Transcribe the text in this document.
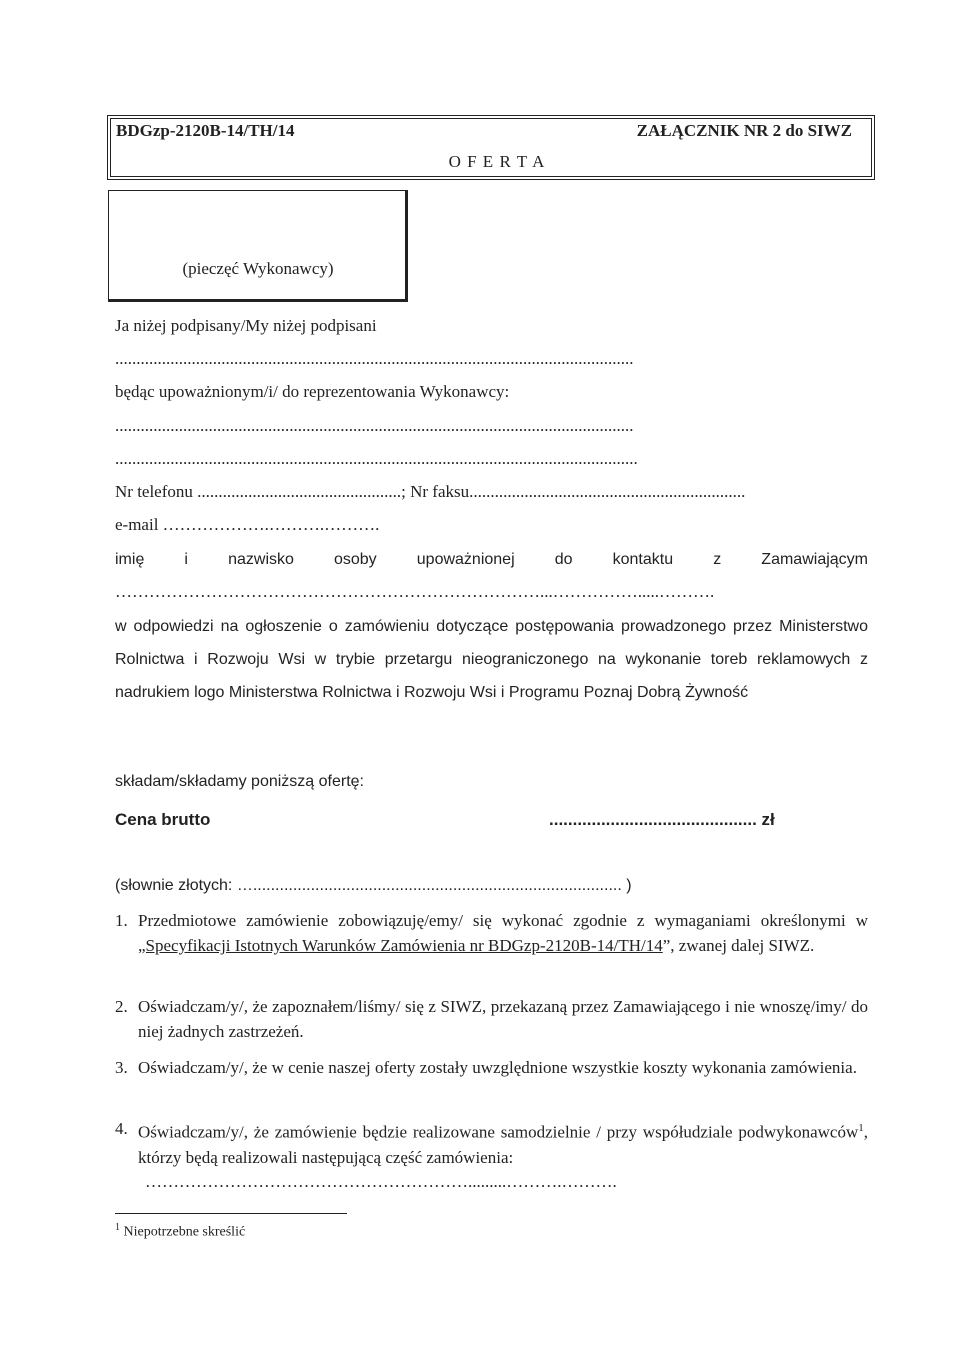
BDGzp-2120B-14/TH/14	ZAŁĄCZNIK NR 2 do SIWZ
O F E R T A
(pieczęć Wykonawcy)
Ja niżej podpisany/My niżej podpisani
..........................................................................................................................
będąc upoważnionym/i/ do reprezentowania Wykonawcy:
..........................................................................................................................
...........................................................................................................................
Nr telefonu ................................................; Nr faksu.................................................................
e-mail ……………….……….……….
imię i nazwisko osoby upoważnionej do kontaktu z Zamawiającym
…………………………………………………………………...…………….....……….
w odpowiedzi na ogłoszenie o zamówieniu dotyczące postępowania prowadzonego przez Ministerstwo Rolnictwa i Rozwoju Wsi w trybie przetargu nieograniczonego na wykonanie toreb reklamowych z nadrukiem logo Ministerstwa Rolnictwa i Rozwoju Wsi i Programu Poznaj Dobrą Żywność
składam/składamy poniższą ofertę:
Cena brutto	............................................ zł
(słownie złotych: …................................................................................... )
1. Przedmiotowe zamówienie zobowiązuję/emy/ się wykonać zgodnie z wymaganiami określonymi w „Specyfikacji Istotnych Warunków Zamówienia nr BDGzp-2120B-14/TH/14”, zwanej dalej SIWZ.
2. Oświadczam/y/, że zapoznałem/liśmy/ się z SIWZ, przekazaną przez Zamawiającego i nie wnoszę/imy/ do niej żadnych zastrzeżeń.
3. Oświadczam/y/, że w cenie naszej oferty zostały uwzględnione wszystkie koszty wykonania zamówienia.
4. Oświadczam/y/, że zamówienie będzie realizowane samodzielnie / przy współudziale podwykonawców$^1$, którzy będą realizowali następującą część zamówienia:
………………………………………………….........……….……….
$^1$ Niepotrzebne skreślić
